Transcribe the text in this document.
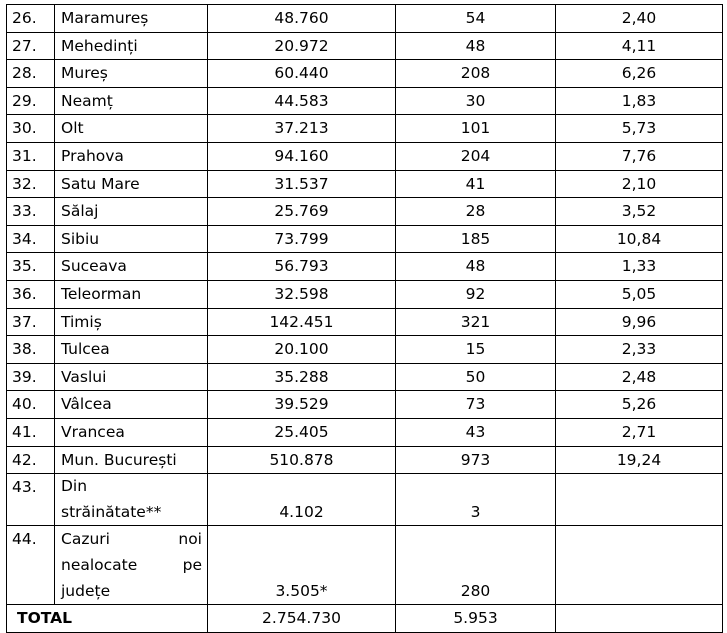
26.	Maramureș	48.760	54	2,40
27.	Mehedinți	20.972	48	4,11
28.	Mureș	60.440	208	6,26
29.	Neamț	44.583	30	1,83
30.	Olt	37.213	101	5,73
31.	Prahova	94.160	204	7,76
32.	Satu Mare	31.537	41	2,10
33.	Sălaj	25.769	28	3,52
34.	Sibiu	73.799	185	10,84
35.	Suceava	56.793	48	1,33
36.	Teleorman	32.598	92	5,05
37.	Timiș	142.451	321	9,96
38.	Tulcea	20.100	15	2,33
39.	Vaslui	35.288	50	2,48
40.	Vâlcea	39.529	73	5,26
41.	Vrancea	25.405	43	2,71
42.	Mun. București	510.878	973	19,24
43.	Din
străinătate**	4.102	3	
44.	Cazuri noi
nealocate pe
județe	3.505*	280	
TOTAL		2.754.730	5.953	
